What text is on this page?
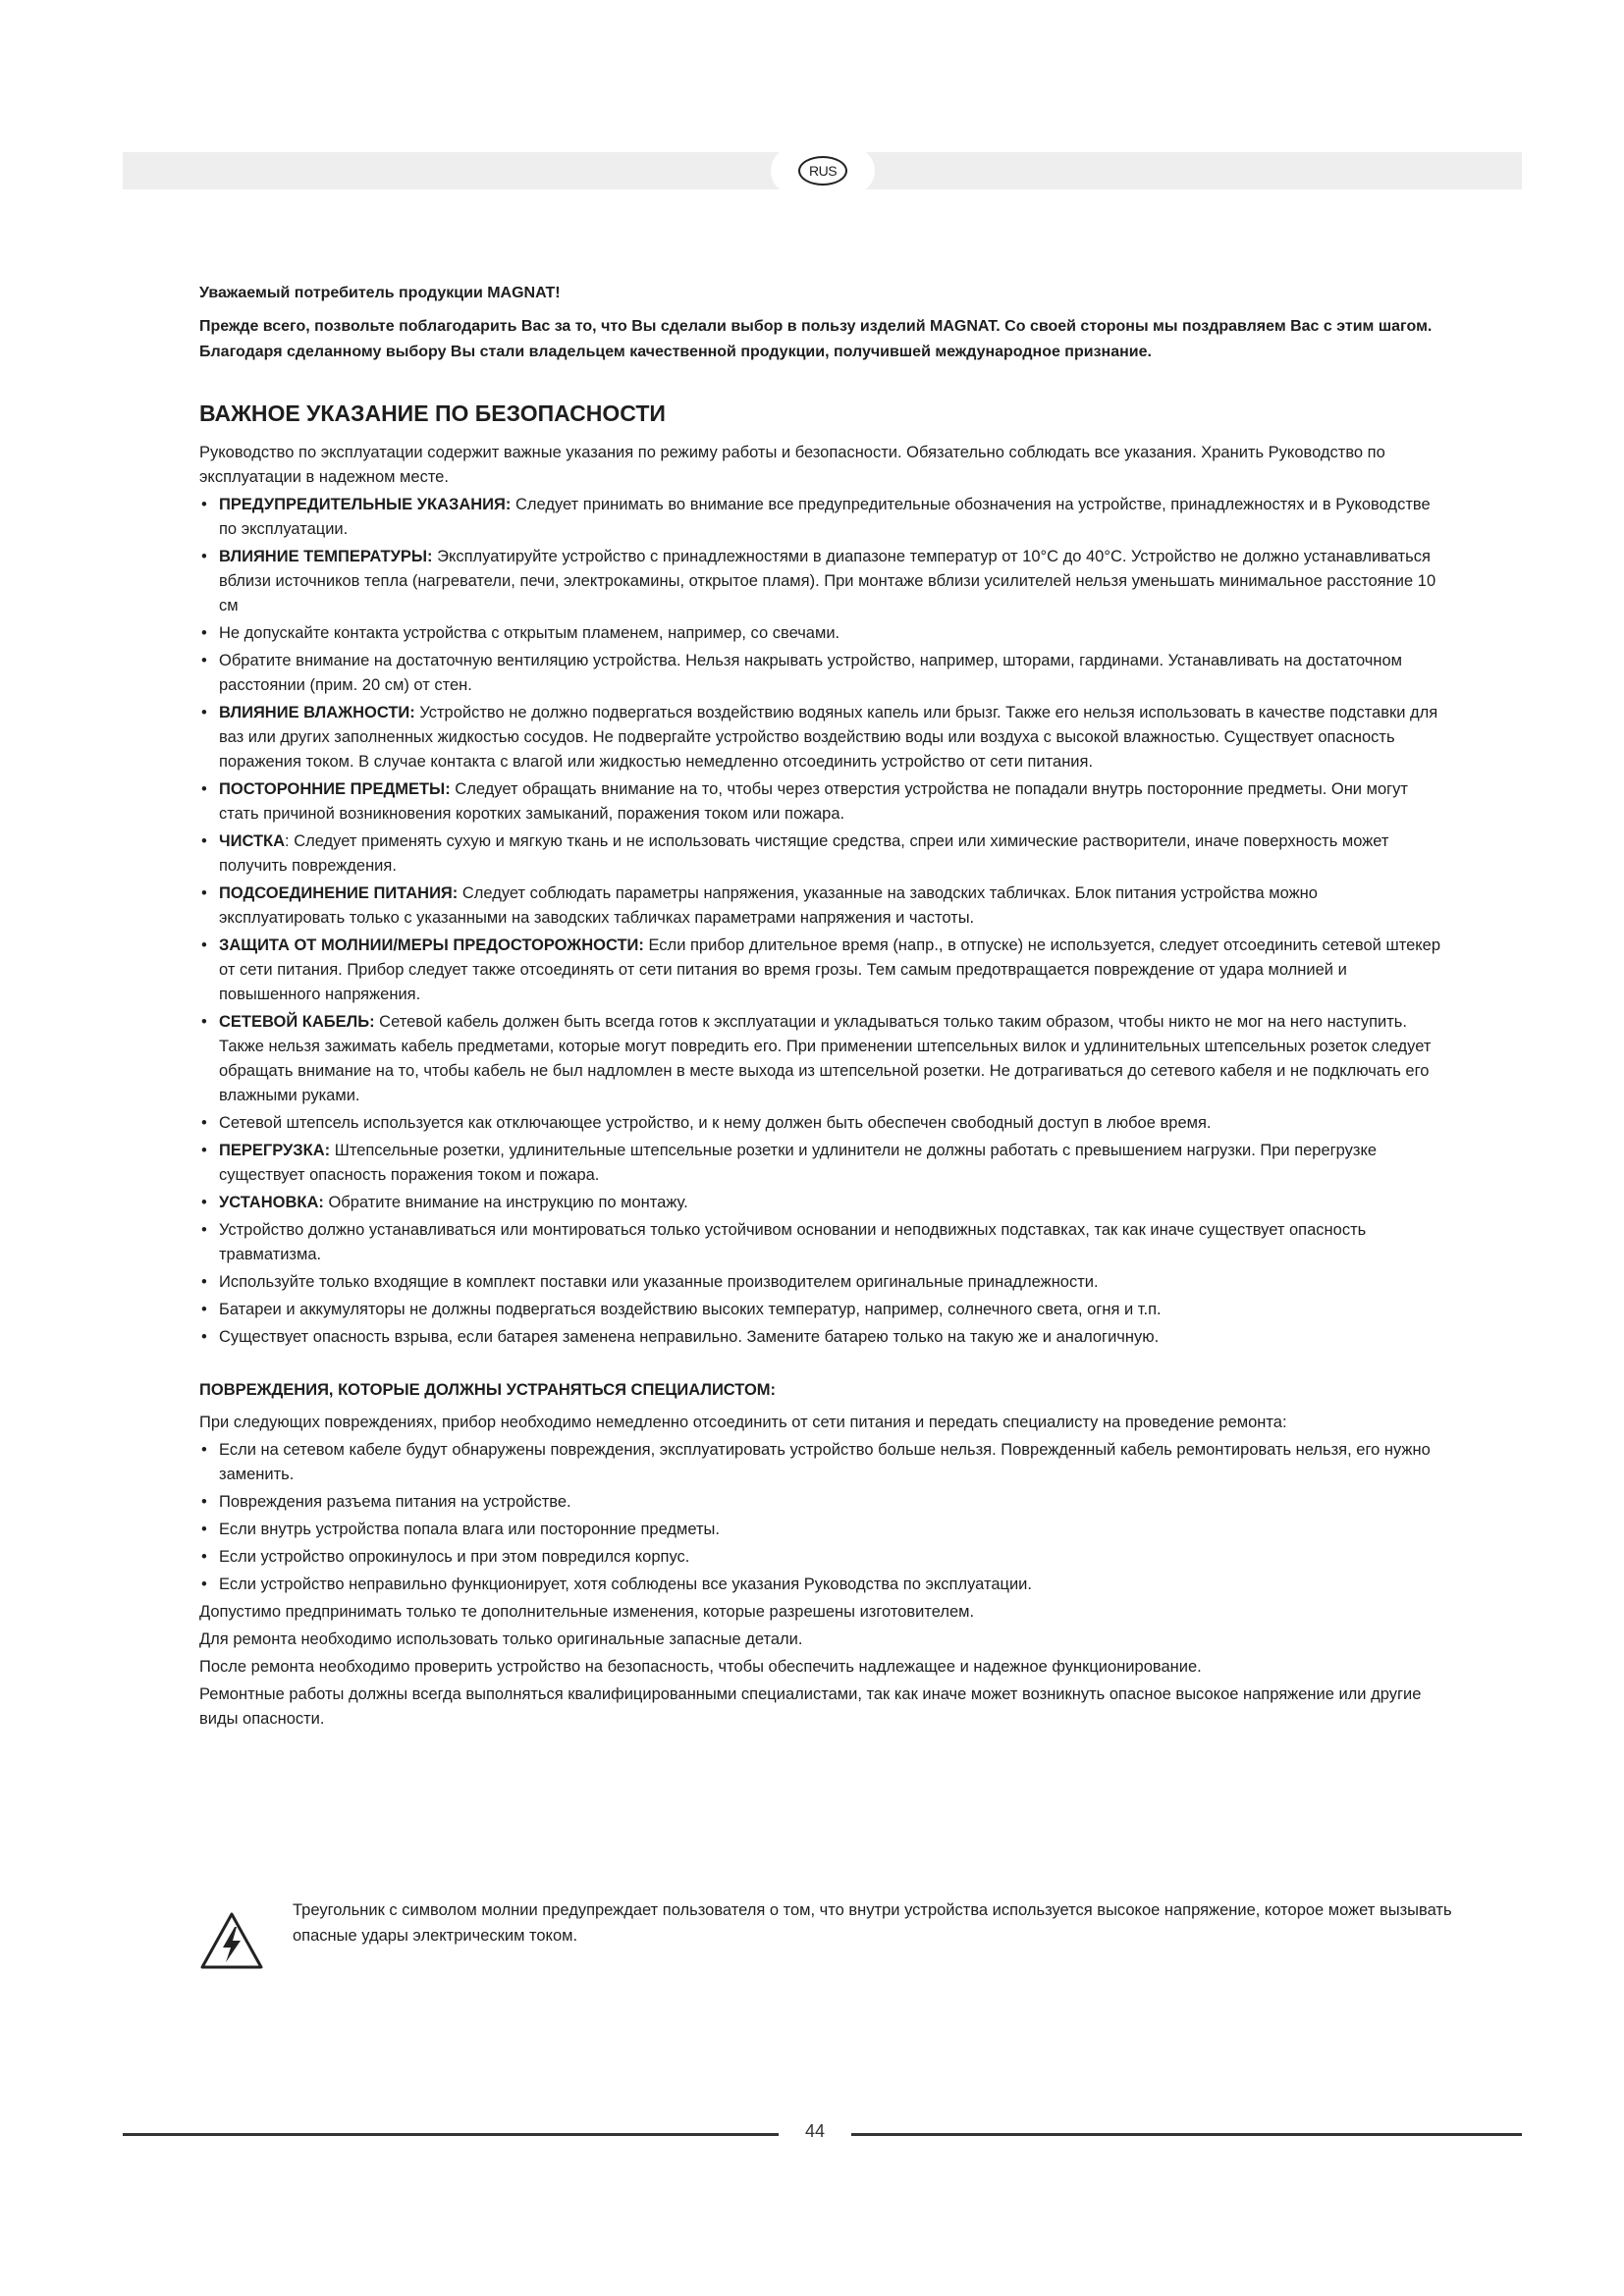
RUS

Уважаемый потребитель продукции MAGNAT!

Прежде всего, позвольте поблагодарить Вас за то, что Вы сделали выбор в пользу изделий MAGNAT. Со своей стороны мы поздравляем Вас с этим шагом. Благодаря сделанному выбору Вы стали владельцем качественной продукции, получившей международное признание.

ВАЖНОЕ УКАЗАНИЕ ПО БЕЗОПАСНОСТИ

Руководство по эксплуатации содержит важные указания по режиму работы и безопасности. Обязательно соблюдать все указания. Хранить Руководство по эксплуатации в надежном месте.

• ПРЕДУПРЕДИТЕЛЬНЫЕ УКАЗАНИЯ: Следует принимать во внимание все предупредительные обозначения на устройстве, принадлежностях и в Руководстве по эксплуатации.
• ВЛИЯНИЕ ТЕМПЕРАТУРЫ: Эксплуатируйте устройство с принадлежностями в диапазоне температур от 10°C до 40°C. Устройство не должно устанавливаться вблизи источников тепла (нагреватели, печи, электрокамины, открытое пламя). При монтаже вблизи усилителей нельзя уменьшать минимальное расстояние 10 см
• Не допускайте контакта устройства с открытым пламенем, например, со свечами.
• Обратите внимание на достаточную вентиляцию устройства. Нельзя накрывать устройство, например, шторами, гардинами. Устанавливать на достаточном расстоянии (прим. 20 см) от стен.
• ВЛИЯНИЕ ВЛАЖНОСТИ: Устройство не должно подвергаться воздействию водяных капель или брызг. Также его нельзя использовать в качестве подставки для ваз или других заполненных жидкостью сосудов. Не подвергайте устройство воздействию воды или воздуха с высокой влажностью. Существует опасность поражения током. В случае контакта с влагой или жидкостью немедленно отсоединить устройство от сети питания.
• ПОСТОРОННИЕ ПРЕДМЕТЫ: Следует обращать внимание на то, чтобы через отверстия устройства не попадали внутрь посторонние предметы. Они могут стать причиной возникновения коротких замыканий, поражения током или пожара.
• ЧИСТКА: Следует применять сухую и мягкую ткань и не использовать чистящие средства, спреи или химические растворители, иначе поверхность может получить повреждения.
• ПОДСОЕДИНЕНИЕ ПИТАНИЯ: Следует соблюдать параметры напряжения, указанные на заводских табличках. Блок питания устройства можно эксплуатировать только с указанными на заводских табличках параметрами напряжения и частоты.
• ЗАЩИТА ОТ МОЛНИИ/МЕРЫ ПРЕДОСТОРОЖНОСТИ: Если прибор длительное время (напр., в отпуске) не используется, следует отсоединить сетевой штекер от сети питания. Прибор следует также отсоединять от сети питания во время грозы. Тем самым предотвращается повреждение от удара молнией и повышенного напряжения.
• СЕТЕВОЙ КАБЕЛЬ: Сетевой кабель должен быть всегда готов к эксплуатации и укладываться только таким образом, чтобы никто не мог на него наступить. Также нельзя зажимать кабель предметами, которые могут повредить его. При применении штепсельных вилок и удлинительных штепсельных розеток следует обращать внимание на то, чтобы кабель не был надломлен в месте выхода из штепсельной розетки. Не дотрагиваться до сетевого кабеля и не подключать его влажными руками.
• Сетевой штепсель используется как отключающее устройство, и к нему должен быть обеспечен свободный доступ в любое время.
• ПЕРЕГРУЗКА: Штепсельные розетки, удлинительные штепсельные розетки и удлинители не должны работать с превышением нагрузки. При перегрузке существует опасность поражения током и пожара.
• УСТАНОВКА: Обратите внимание на инструкцию по монтажу.
• Устройство должно устанавливаться или монтироваться только устойчивом основании и неподвижных подставках, так как иначе существует опасность травматизма.
• Используйте только входящие в комплект поставки или указанные производителем оригинальные принадлежности.
• Батареи и аккумуляторы не должны подвергаться воздействию высоких температур, например, солнечного света, огня и т.п.
• Существует опасность взрыва, если батарея заменена неправильно. Замените батарею только на такую же и аналогичную.
ПОВРЕЖДЕНИЯ, КОТОРЫЕ ДОЛЖНЫ УСТРАНЯТЬСЯ СПЕЦИАЛИСТОМ:

При следующих повреждениях, прибор необходимо немедленно отсоединить от сети питания и передать специалисту на проведение ремонта:

• Если на сетевом кабеле будут обнаружены повреждения, эксплуатировать устройство больше нельзя. Поврежденный кабель ремонтировать нельзя, его нужно заменить.
• Повреждения разъема питания на устройстве.
• Если внутрь устройства попала влага или посторонние предметы.
• Если устройство опрокинулось и при этом повредился корпус.
• Если устройство неправильно функционирует, хотя соблюдены все указания Руководства по эксплуатации.

Допустимо предпринимать только те дополнительные изменения, которые разрешены изготовителем.

Для ремонта необходимо использовать только оригинальные запасные детали.

После ремонта необходимо проверить устройство на безопасность, чтобы обеспечить надлежащее и надежное функционирование.

Ремонтные работы должны всегда выполняться квалифицированными специалистами, так как иначе может возникнуть опасное высокое напряжение или другие виды опасности.

Треугольник с символом молнии предупреждает пользователя о том, что внутри устройства используется высокое напряжение, которое может вызывать опасные удары электрическим током.

44
